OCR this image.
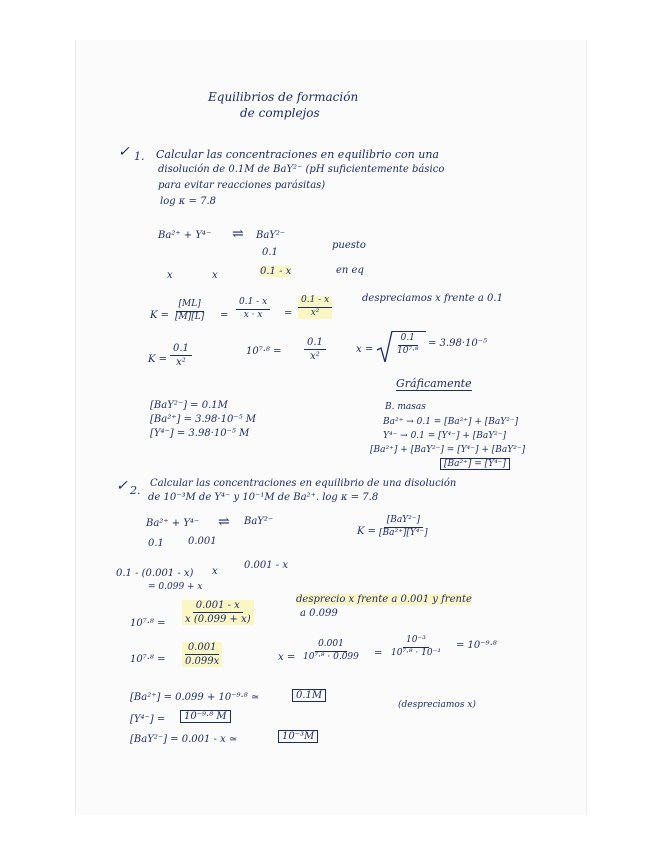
Equilibrios de formación
de complejos
✓ 1. Calcular las concentraciones en equilibrio con una
disolución de 0.1M de BaY²⁻ (pH suficientemente básico
para evitar reacciones parásitas)
log κ = 7.8
Ba²⁺ + Y⁴⁻ ⇌ BaY²⁻
0.1
puesto
x	x	0.1 - x	en eq
$K = \frac{[ML]}{[M][L]} = \frac{0.1 - x}{x \cdot x} = \frac{0.1 - x}{\text{x²}}$	despreciamos x frente a 0.1
$K = \frac{0.1}{\text{x²}}$	$10^7\cdot^8 = \frac{0.1}{\text{x²}}$	$x = \frac{0.1}{\text{10⁷·⁸}} = 3.98\cdot 10^{-5}$
Gráficamente
[BaY²⁻] = 0.1M
[Ba²⁺] = 3.98·10⁻⁵ M
[Y⁴⁻] = 3.98·10⁻⁵ M
B. masas
Ba²⁺ → 0.1 = [Ba²⁺] + [BaY²⁻]
Y⁴⁻ → 0.1 = [Y⁴⁻] + [BaY²⁻]
[Ba²⁺] + [BaY²⁻] = [Y⁴⁻] + [BaY²⁻]
[Ba²⁺] = [Y⁴⁻]
✓ 2.
Calcular las concentraciones en equilibrio de una disolución
de 10⁻³M de Y⁴⁻ y 10⁻¹M de Ba²⁺. log κ = 7.8
Ba²⁺ + Y⁴⁻ ⇌ BaY²⁻
0.1 0.001
K =
[BaY²⁻]
[Ba²⁺][Y⁴⁻]
0.1 - (0.001 - x) x
0.001 - x
= 0.099 + x
$10^7\cdot^8 = \frac{0.001 - x}{x (0.099 + x)}$
desprecio x frente a 0.001 y frente
a 0.099
$10^7\cdot^8 = \frac{0.001}{0.099x}$	$x = \frac{0.001}{\text{10⁷·⁸ · 0.099}} = \frac{\text{10⁻³}}{\text{10⁷·⁸ · 10⁻¹}} = 10^{-9}\cdot^8$
[Ba²⁺] = 0.099 + 10⁻⁹·⁸ ≃	0.1M
[Y⁴⁻] =	10⁻⁹·⁸ M
[BaY²⁻] = 0.001 - x ≃	10⁻³M
(despreciamos x)
